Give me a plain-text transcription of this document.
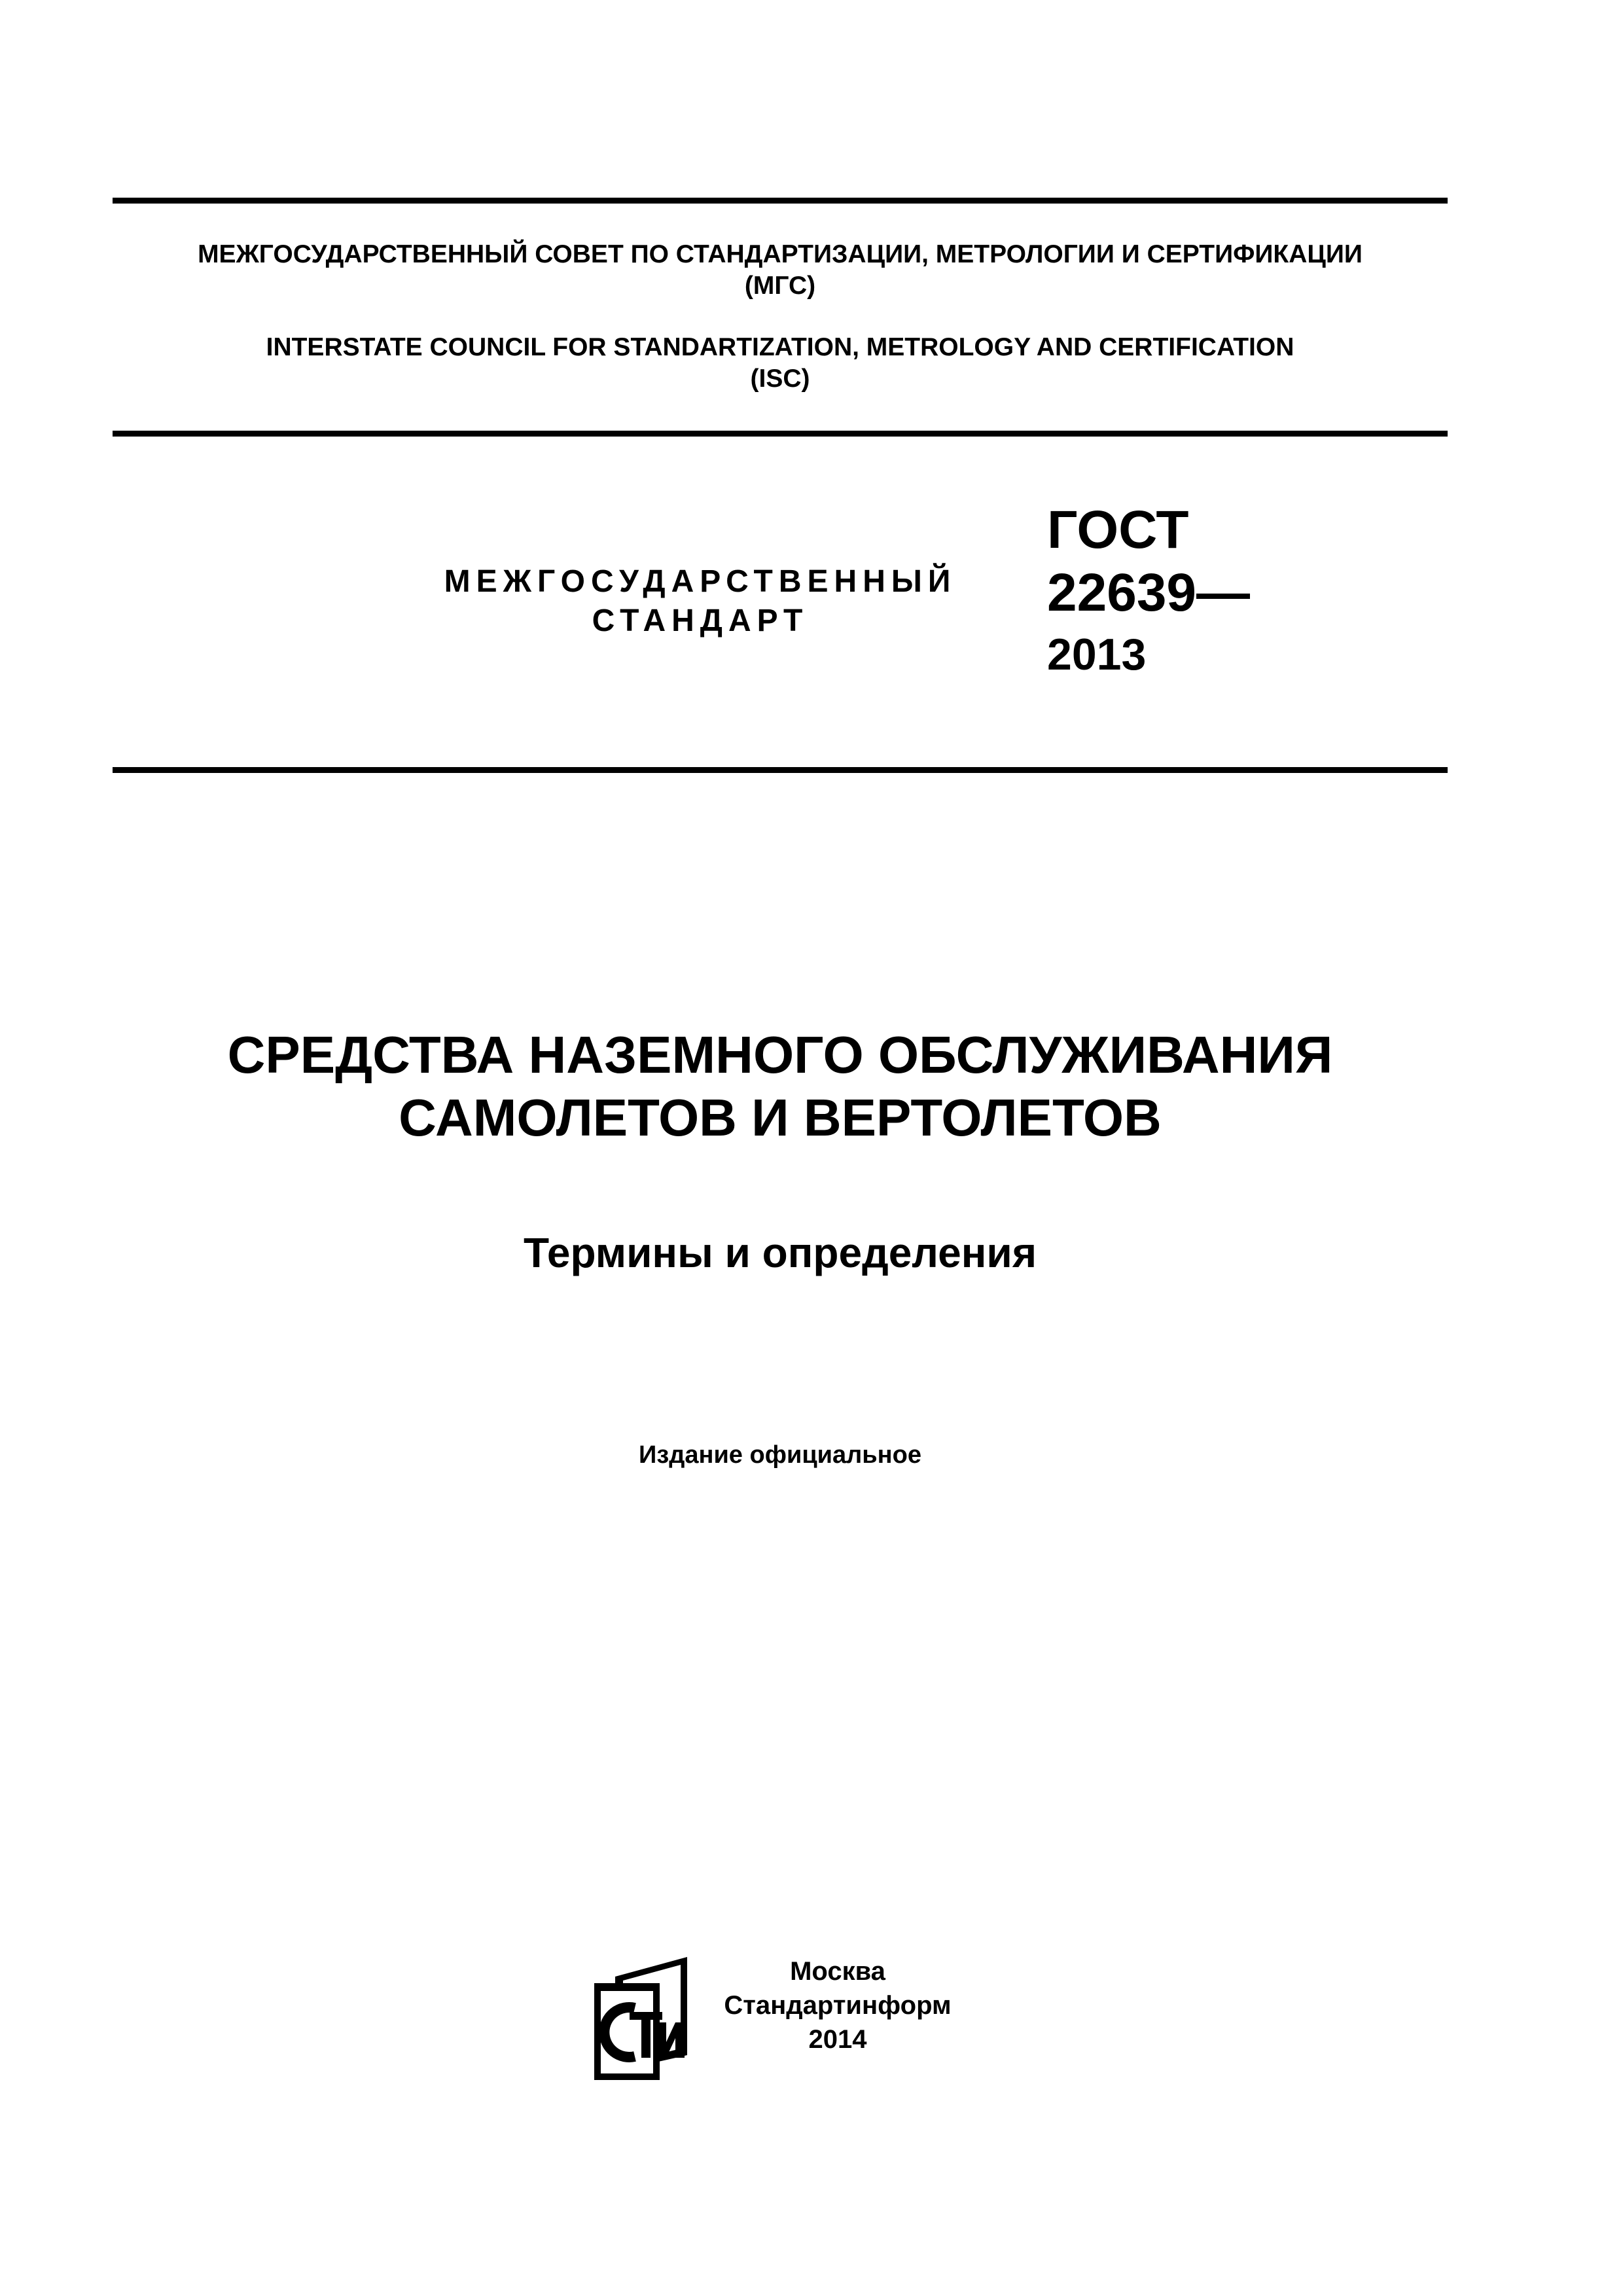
МЕЖГОСУДАРСТВЕННЫЙ СОВЕТ ПО СТАНДАРТИЗАЦИИ, МЕТРОЛОГИИ И СЕРТИФИКАЦИИ
(МГС)
INTERSTATE COUNCIL FOR STANDARTIZATION, METROLOGY AND CERTIFICATION
(ISC)
МЕЖГОСУДАРСТВЕННЫЙ
СТАНДАРТ
ГОСТ
22639—
2013
СРЕДСТВА НАЗЕМНОГО ОБСЛУЖИВАНИЯ
САМОЛЕТОВ И ВЕРТОЛЕТОВ
Термины и определения
Издание официальное
СТИ	Москва
Стандартинформ
2014
